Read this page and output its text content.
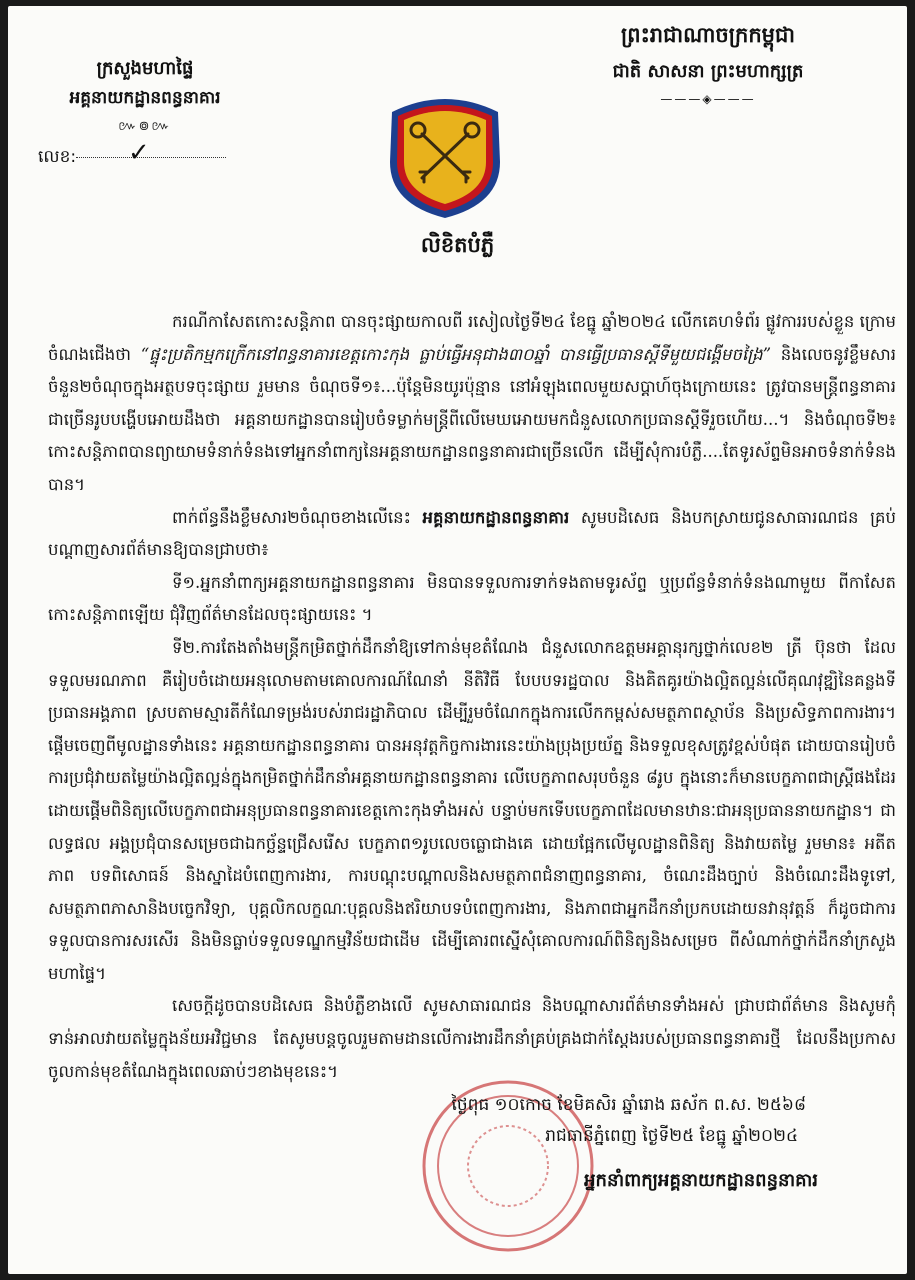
ក្រសួងមហាផ្ទៃ
អគ្គនាយកដ្ឋានពន្ធនាគារ
៚៙៚
លេខ:	✓
ព្រះរាជាណាចក្រកម្ពុជា
ជាតិ សាសនា ព្រះមហាក្សត្រ
———◈———
លិខិតបំភ្លឺ

ករណីកាសែតកោះសន្តិភាព បានចុះផ្សាយកាលពី រសៀលថ្ងៃទី២៤ ខែធ្នូ ឆ្នាំ២០២៤ លើកគេហទំព័រ ផ្លូវការរបស់ខ្លួន ក្រោមចំណងជើងថា “ផ្ទុះប្រតិកម្មកក្រើកនៅពន្ធនាគារខេត្តកោះកុង ធ្លាប់ធ្វើអនុជាង៣០ឆ្នាំ បានធ្វើប្រធានស្តីទីមួយជង្គើមចង្រៃ” និងលេចនូវខ្លឹមសារចំនួន២ចំណុចក្នុងអត្ថបទចុះផ្សាយ រួមមាន ចំណុចទី១៖...ប៉ុន្តែមិនយូរប៉ុន្មាន នៅអំឡុងពេលមួយសប្តាហ៍ចុងក្រោយនេះ ត្រូវបានមន្ត្រីពន្ធនាគារជាច្រើនរូបបង្ហើបអោយដឹងថា អគ្គនាយកដ្ឋានបានរៀបចំទម្លាក់មន្ត្រីពីលើមេឃអោយមកជំនួសលោកប្រធានស្តីទីរួចហើយ...។ និងចំណុចទី២៖ កោះសន្តិភាពបានព្យាយាមទំនាក់ទំនងទៅអ្នកនាំពាក្យនៃអគ្គនាយកដ្ឋានពន្ធនាគារជាច្រើនលើក ដើម្បីសុំការបំភ្លឺ....តែទូរស័ព្ទមិនអាចទំនាក់ទំនងបាន។

ពាក់ព័ន្ធនឹងខ្លឹមសារ២ចំណុចខាងលើនេះ អគ្គនាយកដ្ឋានពន្ធនាគារ សូមបដិសេធ និងបកស្រាយជូនសាធារណជន គ្រប់បណ្តាញសារព័ត៌មានឱ្យបានជ្រាបថា៖

ទី១.អ្នកនាំពាក្យអគ្គនាយកដ្ឋានពន្ធនាគារ មិនបានទទួលការទាក់ទងតាមទូរស័ព្ទ ឬប្រព័ន្ធទំនាក់ទំនងណាមួយ ពីកាសែតកោះសន្តិភាពឡើយ ជុំវិញព័ត៌មានដែលចុះផ្សាយនេះ ។

ទី២.ការតែងតាំងមន្ត្រីកម្រិតថ្នាក់ដឹកនាំឱ្យទៅកាន់មុខតំណែង ជំនួសលោកឧត្តមអគ្គានុរក្សថ្នាក់លេខ២ ត្រី ប៊ុនថា ដែលទទួលមរណភាព គឺរៀបចំដោយអនុលោមតាមគោលការណ៍ណែនាំ នីតិវិធី បែបបទរដ្ឋបាល និងគិតគូរយ៉ាងល្អិតល្អន់លើគុណវុឌ្ឍិនៃគន្លងទីប្រធានអង្គភាព ស្របតាមស្មារតីកំណែទម្រង់របស់រាជរដ្ឋាភិបាល ដើម្បីរួមចំណែកក្នុងការលើកកម្ពស់សមត្ថភាពស្ថាប័ន និងប្រសិទ្ធភាពការងារ។ ផ្តើមចេញពីមូលដ្ឋានទាំងនេះ អគ្គនាយកដ្ឋានពន្ធនាគារ បានអនុវត្តកិច្ចការងារនេះយ៉ាងប្រុងប្រយ័ត្ន និងទទួលខុសត្រូវខ្ពស់បំផុត ដោយបានរៀបចំការប្រជុំវាយតម្លៃយ៉ាងល្អិតល្អន់ក្នុងកម្រិតថ្នាក់ដឹកនាំអគ្គនាយកដ្ឋានពន្ធនាគារ លើបេក្ខភាពសរុបចំនួន ៨រូប ក្នុងនោះក៏មានបេក្ខភាពជាស្ត្រីផងដែរ ដោយផ្តើមពិនិត្យលើបេក្ខភាពជាអនុប្រធានពន្ធនាគារខេត្តកោះកុងទាំងអស់ បន្ទាប់មកទើបបេក្ខភាពដែលមានឋានៈជាអនុប្រធាននាយកដ្ឋាន។ ជាលទ្ធផល អង្គប្រជុំបានសម្រេចជាឯកច្ឆ័ន្ទជ្រើសរើស បេក្ខភាព១រូបលេចធ្លោជាងគេ ដោយផ្អែកលើមូលដ្ឋានពិនិត្យ និងវាយតម្លៃ រួមមាន៖ អតីតភាព បទពិសោធន៍ និងស្នាដៃបំពេញការងារ, ការបណ្តុះបណ្តាលនិងសមត្ថភាពជំនាញពន្ធនាគារ, ចំណេះដឹងច្បាប់ និងចំណេះដឹងទូទៅ, សមត្ថភាពភាសានិងបច្ចេកវិទ្យា, បុគ្គលិកលក្ខណៈបុគ្គលនិងឥរិយាបទបំពេញការងារ, និងភាពជាអ្នកដឹកនាំប្រកបដោយនវានុវត្តន៍ ក៏ដូចជាការទទួលបានការសរសើរ និងមិនធ្លាប់ទទួលទណ្ឌកម្មវិន័យជាដើម ដើម្បីគោរពស្នើសុំគោលការណ៍ពិនិត្យនិងសម្រេច ពីសំណាក់ថ្នាក់ដឹកនាំក្រសួងមហាផ្ទៃ។

សេចក្តីដូចបានបដិសេធ និងបំភ្លឺខាងលើ សូមសាធារណជន និងបណ្តាសារព័ត៌មានទាំងអស់ ជ្រាបជាព័ត៌មាន និងសូមកុំទាន់អាលវាយតម្លៃក្នុងន័យអវិជ្ជមាន តែសូមបន្តចូលរួមតាមដានលើការងារដឹកនាំគ្រប់គ្រងជាក់ស្តែងរបស់ប្រធានពន្ធនាគារថ្មី ដែលនឹងប្រកាសចូលកាន់មុខតំណែងក្នុងពេលឆាប់ៗខាងមុខនេះ។

ថ្ងៃពុធ ១០កោច ខែមិគសិរ ឆ្នាំរោង ឆស័ក ព.ស. ២៥៦៨
រាជធានីភ្នំពេញ ថ្ងៃទី២៥ ខែធ្នូ ឆ្នាំ២០២៤
អ្នកនាំពាក្យអគ្គនាយកដ្ឋានពន្ធនាគារ
